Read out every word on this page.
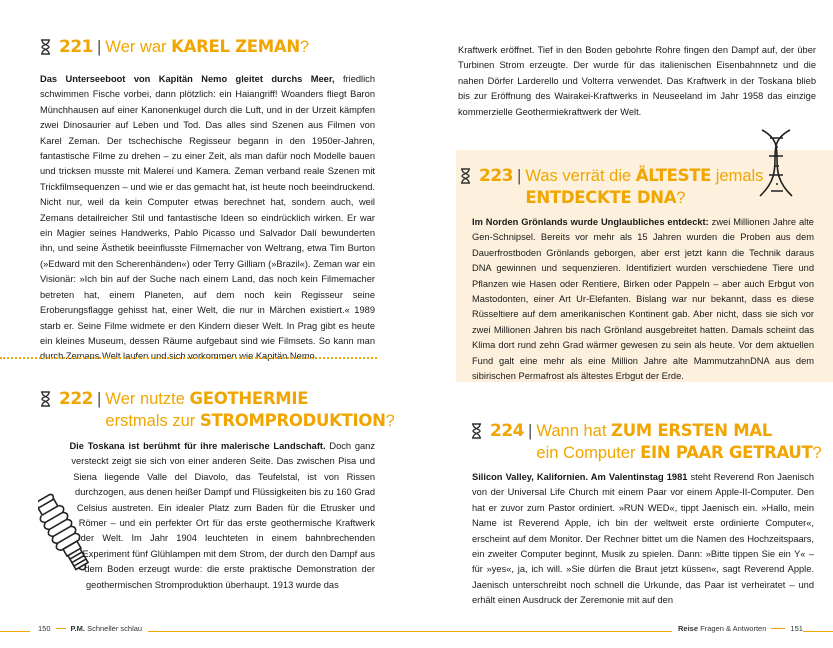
221 | Wer war KAREL ZEMAN?
Das Unterseeboot von Kapitän Nemo gleitet durchs Meer, friedlich schwimmen Fische vorbei, dann plötzlich: ein Haiangriff! Woanders fliegt Baron Münchhausen auf einer Kanonenkugel durch die Luft, und in der Urzeit kämpfen zwei Dinosaurier auf Leben und Tod. Das alles sind Szenen aus Filmen von Karel Zeman. Der tschechische Regisseur begann in den 1950er-Jahren, fantastische Filme zu drehen – zu einer Zeit, als man dafür noch Modelle bauen und tricksen musste mit Malerei und Kamera. Zeman verband reale Szenen mit Trickfilmsequenzen – und wie er das gemacht hat, ist heute noch beeindruckend. Nicht nur, weil da kein Computer etwas berechnet hat, sondern auch, weil Zemans detailreicher Stil und fantastische Ideen so eindrücklich wirken. Er war ein Magier seines Handwerks, Pablo Picasso und Salvador Dalí bewunderten ihn, und seine Ästhetik beeinflusste Filmemacher von Weltrang, etwa Tim Burton (»Edward mit den Scherenhänden«) oder Terry Gilliam (»Brazil«). Zeman war ein Visionär: »Ich bin auf der Suche nach einem Land, das noch kein Filmemacher betreten hat, einem Planeten, auf dem noch kein Regisseur seine Eroberungsflagge gehisst hat, einer Welt, die nur in Märchen existiert.« 1989 starb er. Seine Filme widmete er den Kindern dieser Welt. In Prag gibt es heute ein kleines Museum, dessen Räume aufgebaut sind wie Filmsets. So kann man durch Zemans Welt laufen und sich vorkommen wie Kapitän Nemo.
222 | Wer nutzte GEOTHERMIE
erstmals zur STROMPRODUKTION?
Die Toskana ist berühmt für ihre malerische Landschaft. Doch ganz versteckt zeigt sie sich von einer anderen Seite. Das zwischen Pisa und Siena liegende Valle del Diavolo, das Teufelstal, ist von Rissen durchzogen, aus denen heißer Dampf und Flüssigkeiten bis zu 160 Grad Celsius austreten. Ein idealer Platz zum Baden für die Etrusker und Römer – und ein perfekter Ort für das erste geothermische Kraftwerk der Welt. Im Jahr 1904 leuchteten in einem bahnbrechenden Experiment fünf Glühlampen mit dem Strom, der durch den Dampf aus dem Boden erzeugt wurde: die erste praktische Demonstration der geothermischen Stromproduktion überhaupt. 1913 wurde das
150	P.M.
Schneller schlau
Kraftwerk eröffnet. Tief in den Boden gebohrte Rohre fingen den Dampf auf, der über Turbinen Strom erzeugte. Der wurde für das italienischen Eisenbahnnetz und die nahen Dörfer Larderello und Volterra verwendet. Das Kraftwerk in der Toskana blieb bis zur Eröffnung des Wairakei-Kraftwerks in Neuseeland im Jahr 1958 das einzige kommerzielle Geothermiekraftwerk der Welt.
223 | Was verrät die ÄLTESTE jemals
ENTDECKTE DNA?
Im Norden Grönlands wurde Unglaubliches entdeckt: zwei Millionen Jahre alte Gen-Schnipsel. Bereits vor mehr als 15 Jahren wurden die Proben aus dem Dauerfrostboden Grönlands geborgen, aber erst jetzt kann die Technik daraus DNA gewinnen und sequenzieren. Identifiziert wurden verschiedene Tiere und Pflanzen wie Hasen oder Rentiere, Birken oder Pappeln – aber auch Erbgut von Mastodonten, einer Art Ur-Elefanten. Bislang war nur bekannt, dass es diese Rüsseltiere auf dem amerikanischen Kontinent gab. Aber nicht, dass sie sich vor zwei Millionen Jahren bis nach Grönland ausgebreitet hatten. Damals scheint das Klima dort rund zehn Grad wärmer gewesen zu sein als heute. Vor dem aktuellen Fund galt eine mehr als eine Million Jahre alte MammutzahnDNA aus dem sibirischen Permafrost als ältestes Erbgut der Erde.
224 | Wann hat ZUM ERSTEN MAL
ein Computer EIN PAAR GETRAUT?
Silicon Valley, Kalifornien. Am Valentinstag 1981 steht Reverend Ron Jaenisch von der Universal Life Church mit einem Paar vor einem Apple-II-Computer. Den hat er zuvor zum Pastor ordiniert. »RUN WED«, tippt Jaenisch ein. »Hallo, mein Name ist Reverend Apple, ich bin der weltweit erste ordinierte Computer«, erscheint auf dem Monitor. Der Rechner bittet um die Namen des Hochzeitspaars, ein zweiter Computer beginnt, Musik zu spielen. Dann: »Bitte tippen Sie ein Y« – für »yes«, ja, ich will. »Sie dürfen die Braut jetzt küssen«, sagt Reverend Apple. Jaenisch unterschreibt noch schnell die Urkunde, das Paar ist verheiratet – und erhält einen Ausdruck der Zeremonie mit auf den
Reise
Fragen & Antworten	151
